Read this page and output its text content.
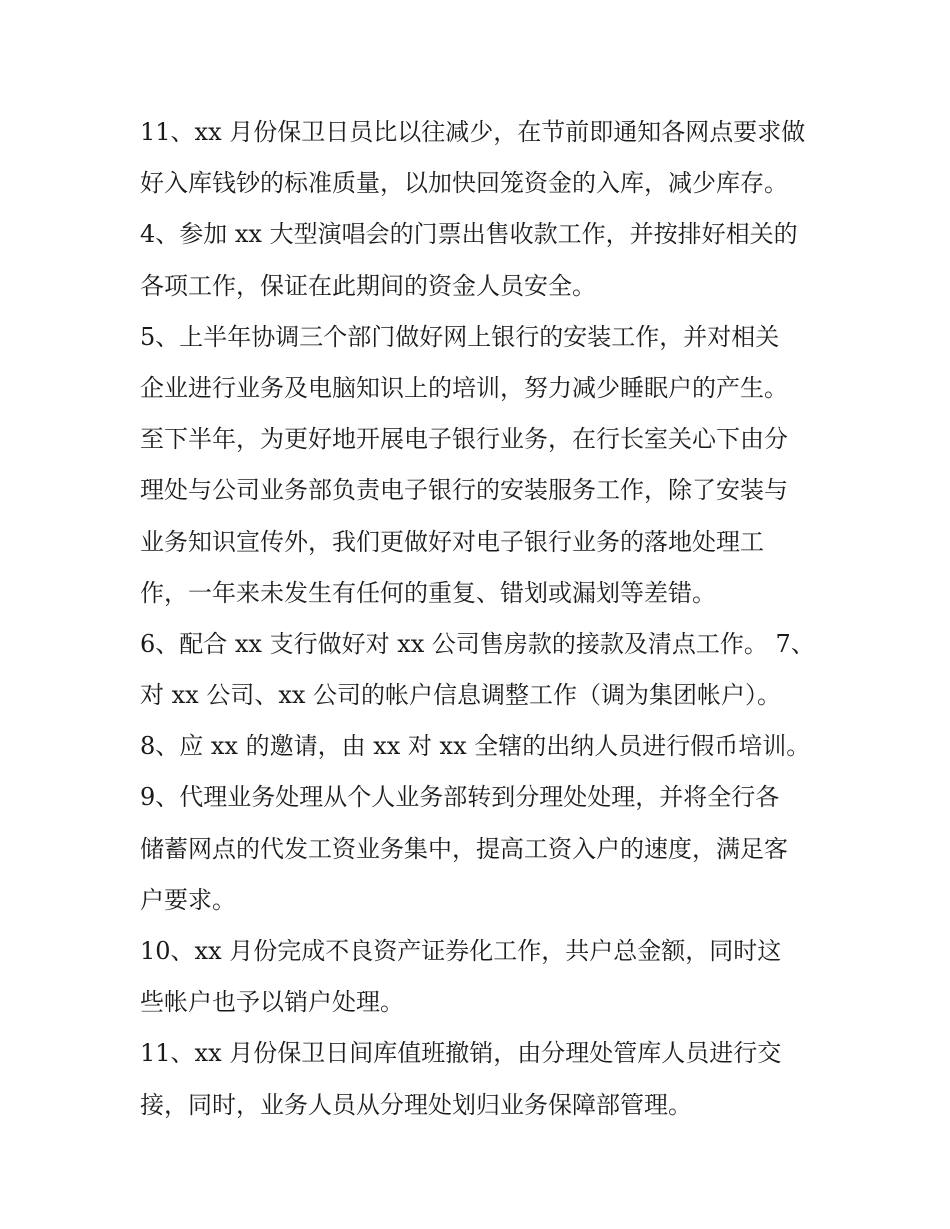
11、xx 月份保卫日员比以往减少，在节前即通知各网点要求做
好入库钱钞的标准质量，以加快回笼资金的入库，减少库存。
4、参加 xx 大型演唱会的门票出售收款工作，并按排好相关的
各项工作，保证在此期间的资金人员安全。
5、上半年协调三个部门做好网上银行的安装工作，并对相关
企业进行业务及电脑知识上的培训，努力减少睡眠户的产生。
至下半年，为更好地开展电子银行业务，在行长室关心下由分
理处与公司业务部负责电子银行的安装服务工作，除了安装与
业务知识宣传外，我们更做好对电子银行业务的落地处理工
作，一年来未发生有任何的重复、错划或漏划等差错。
6、配合 xx 支行做好对 xx 公司售房款的接款及清点工作。 7、
对 xx 公司、xx 公司的帐户信息调整工作（调为集团帐户）。
8、应 xx 的邀请，由 xx 对 xx 全辖的出纳人员进行假币培训。
9、代理业务处理从个人业务部转到分理处处理，并将全行各
储蓄网点的代发工资业务集中，提高工资入户的速度，满足客
户要求。
10、xx 月份完成不良资产证券化工作，共户总金额，同时这
些帐户也予以销户处理。
11、xx 月份保卫日间库值班撤销，由分理处管库人员进行交
接，同时，业务人员从分理处划归业务保障部管理。
